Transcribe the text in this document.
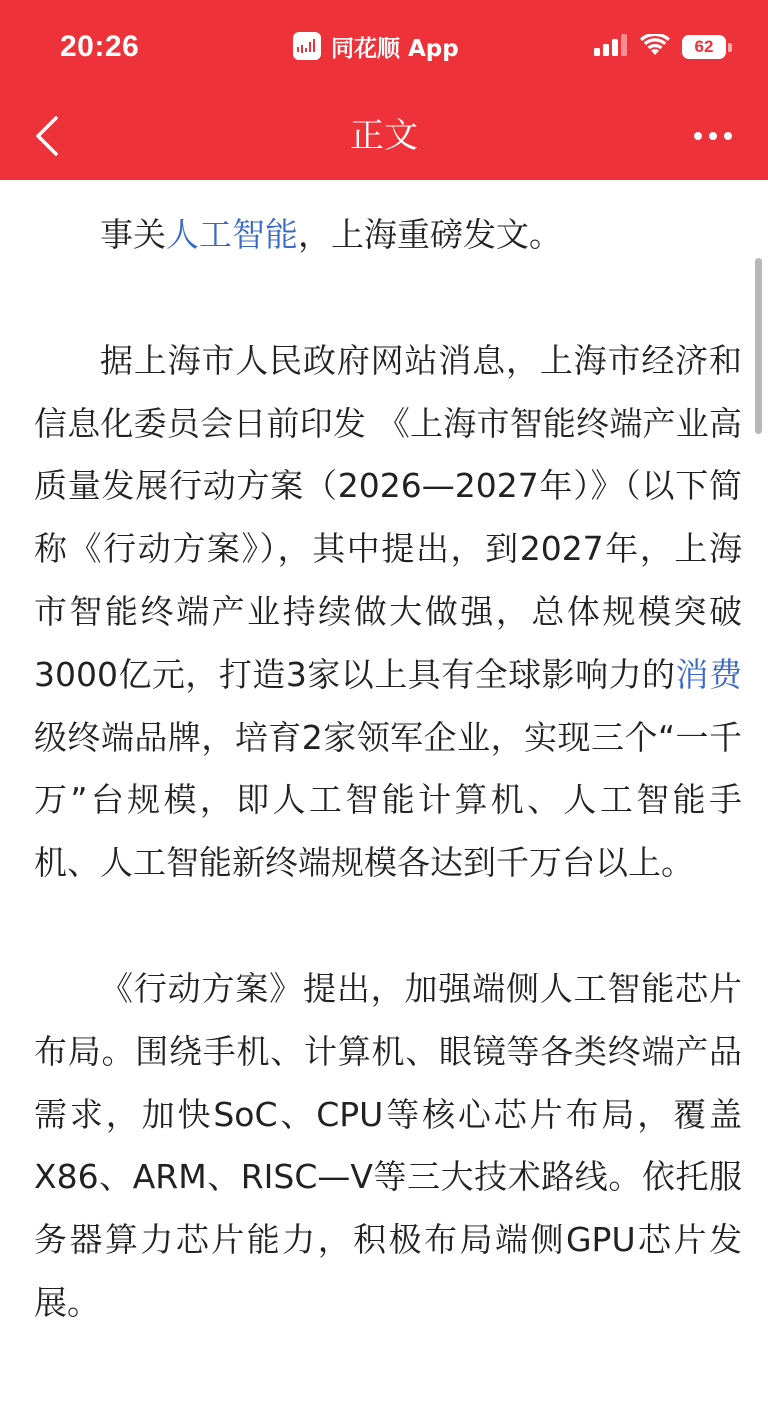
20:26	同花顺 App	62
正文

事关人工智能，上海重磅发文。

据上海市人民政府网站消息，上海市经济和信息化委员会日前印发 《上海市智能终端产业高质量发展行动方案（2026—2027年）》（以下简称《行动方案》），其中提出，到2027年，上海市智能终端产业持续做大做强，总体规模突破3000亿元，打造3家以上具有全球影响力的消费级终端品牌，培育2家领军企业，实现三个“一千万”台规模，即人工智能计算机、人工智能手机、人工智能新终端规模各达到千万台以上。

《行动方案》提出，加强端侧人工智能芯片布局。围绕手机、计算机、眼镜等各类终端产品需求，加快SoC、CPU等核心芯片布局，覆盖X86、ARM、RISC—V等三大技术路线。依托服务器算力芯片能力，积极布局端侧GPU芯片发展。
